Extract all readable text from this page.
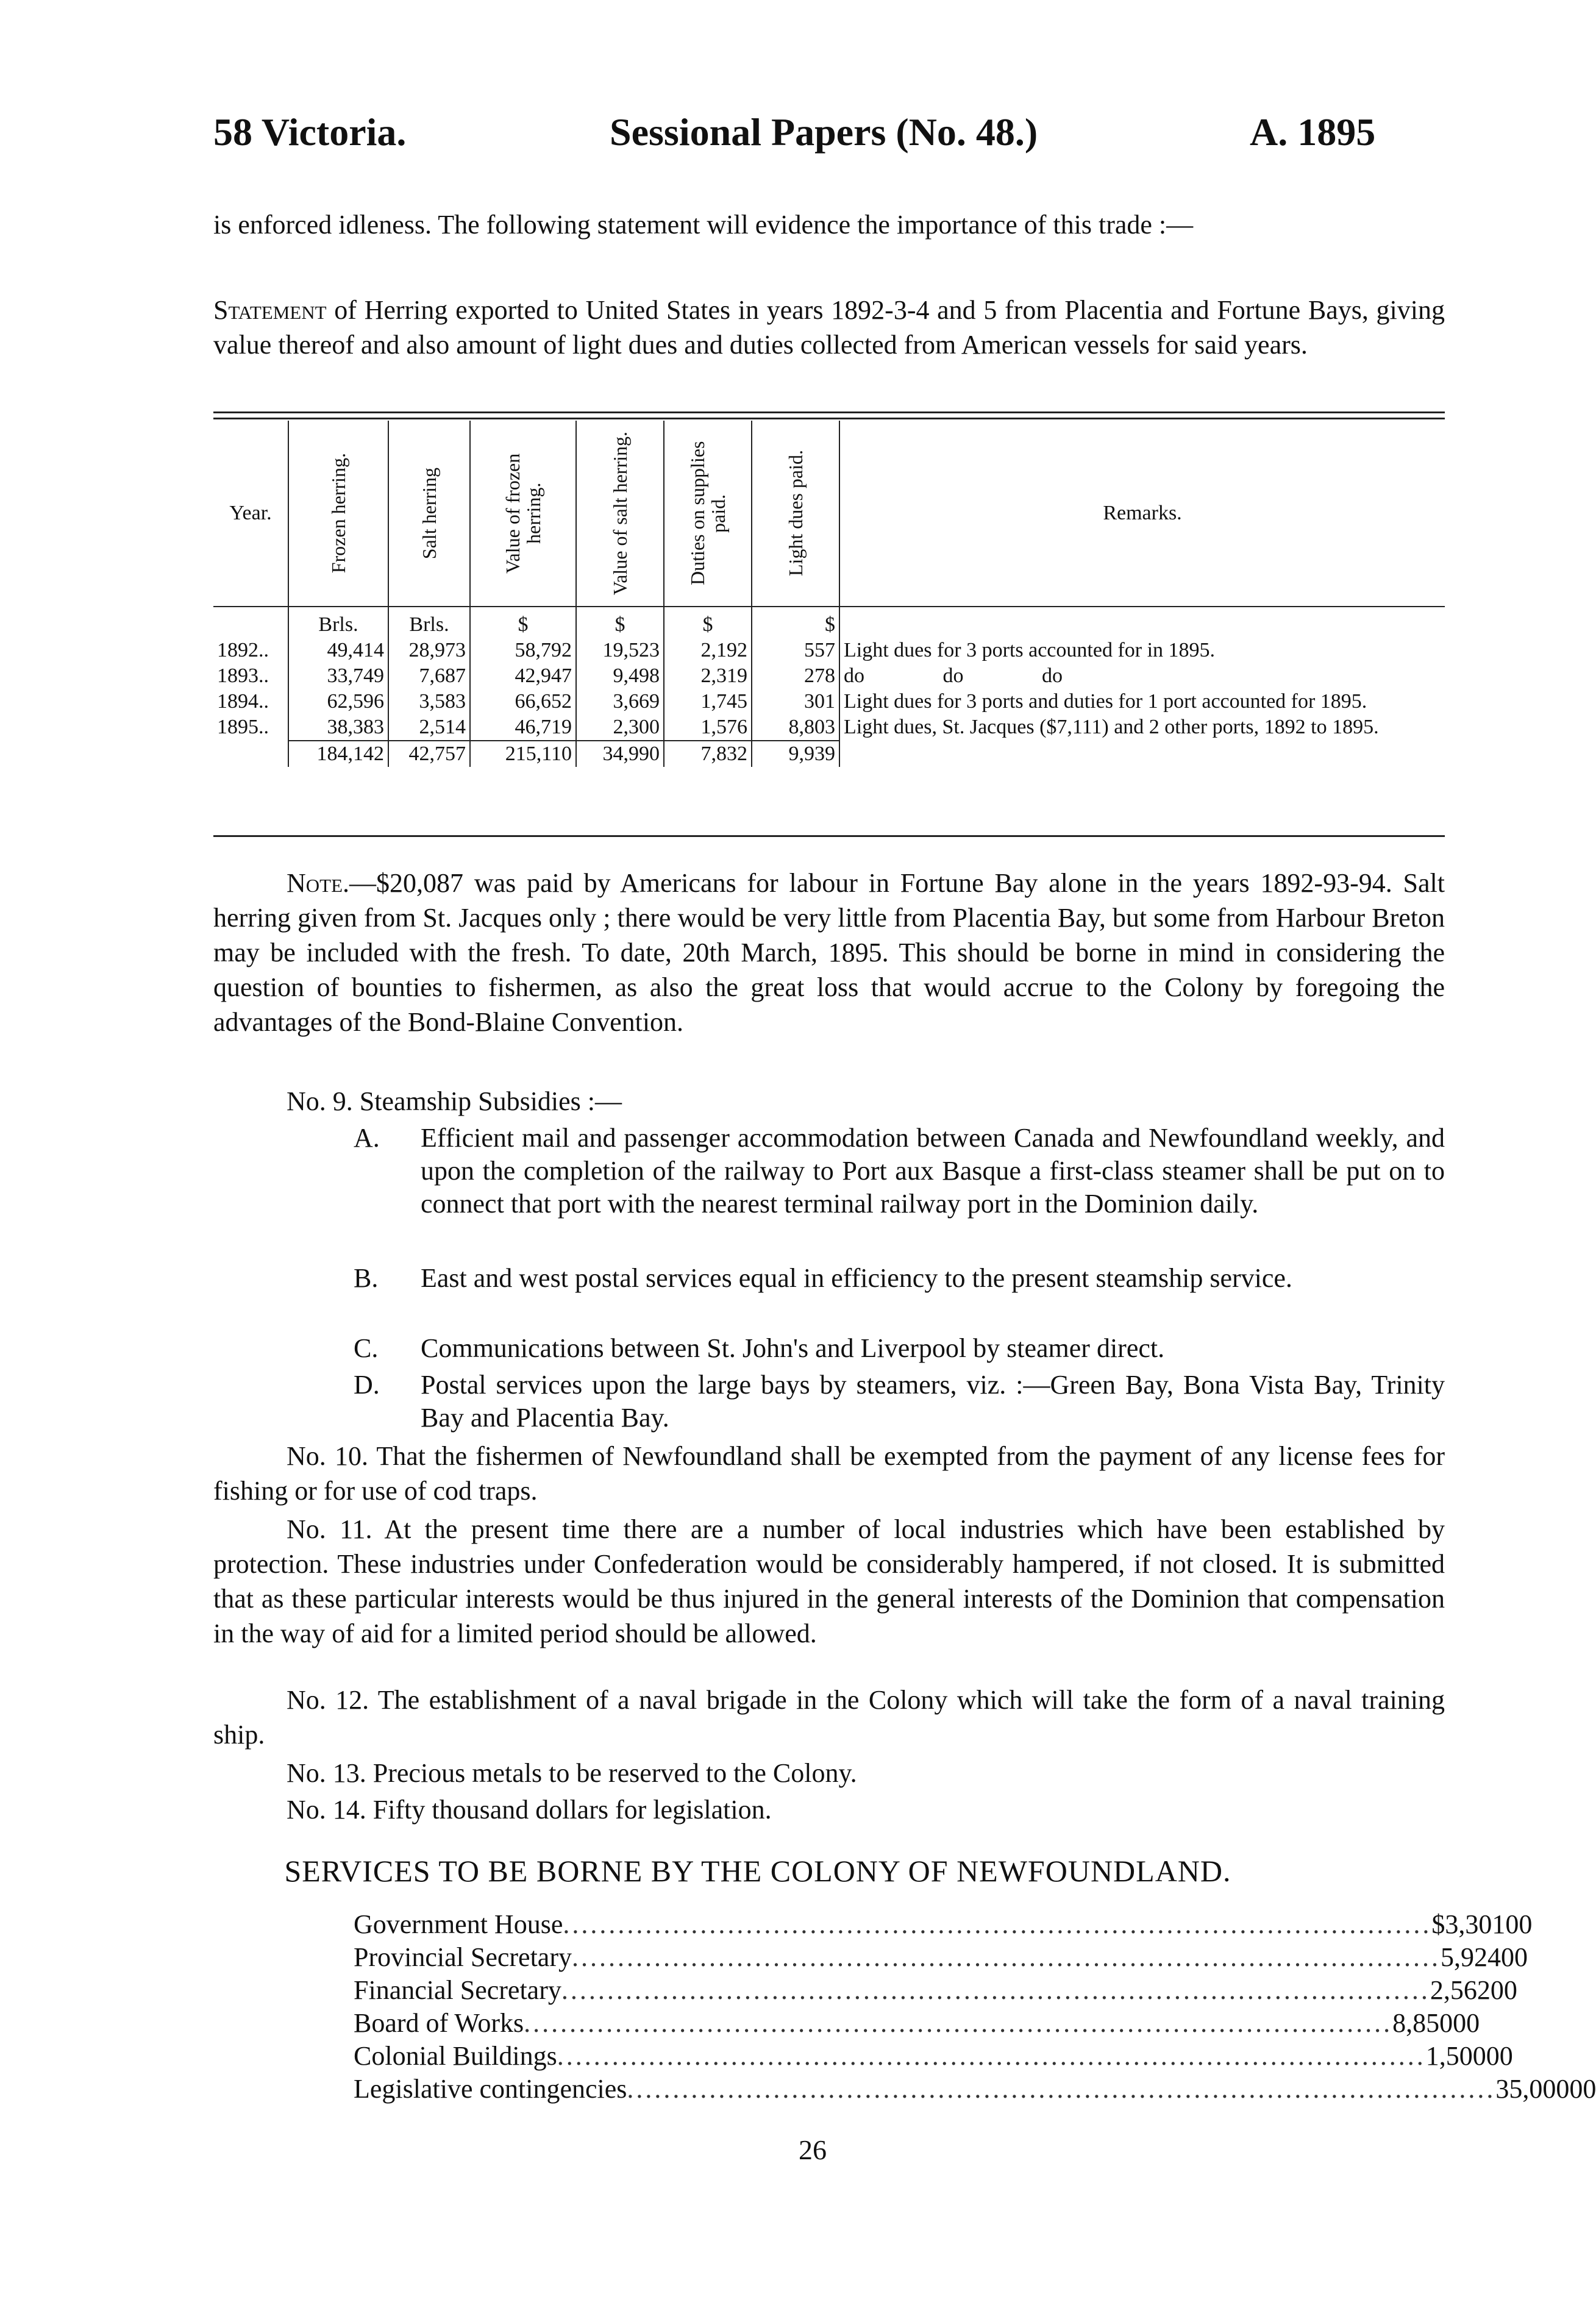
58 Victoria.	Sessional Papers (No. 48.)	A. 1895
is enforced idleness. The following statement will evidence the importance of this trade :—
Statement of Herring exported to United States in years 1892-3-4 and 5 from Placentia and Fortune Bays, giving value thereof and also amount of light dues and duties collected from American vessels for said years.
Year.	Frozen herring.	Salt herring	Value of frozen herring.	Value of salt herring.	Duties on supplies paid.	Light dues paid.	Remarks.
	Brls.	Brls.	$	$	$	$	
1892..	49,414	28,973	58,792	19,523	2,192	557	Light dues for 3 ports accounted for in 1895.
1893..	33,749	7,687	42,947	9,498	2,319	278	do do do
1894..	62,596	3,583	66,652	3,669	1,745	301	Light dues for 3 ports and duties for 1 port accounted for 1895.
1895..	38,383	2,514	46,719	2,300	1,576	8,803	Light dues, St. Jacques ($7,111) and 2 other ports, 1892 to 1895.
	184,142	42,757	215,110	34,990	7,832	9,939	
Note.—$20,087 was paid by Americans for labour in Fortune Bay alone in the years 1892-93-94. Salt herring given from St. Jacques only ; there would be very little from Placentia Bay, but some from Harbour Breton may be included with the fresh. To date, 20th March, 1895. This should be borne in mind in considering the question of bounties to fishermen, as also the great loss that would accrue to the Colony by foregoing the advantages of the Bond-Blaine Convention.
No. 9. Steamship Subsidies :—
A. Efficient mail and passenger accommodation between Canada and Newfoundland weekly, and upon the completion of the railway to Port aux Basque a first-class steamer shall be put on to connect that port with the nearest terminal railway port in the Dominion daily.
B. East and west postal services equal in efficiency to the present steamship service.
C. Communications between St. John's and Liverpool by steamer direct.
D. Postal services upon the large bays by steamers, viz. :—Green Bay, Bona Vista Bay, Trinity Bay and Placentia Bay.
No. 10. That the fishermen of Newfoundland shall be exempted from the payment of any license fees for fishing or for use of cod traps.
No. 11. At the present time there are a number of local industries which have been established by protection. These industries under Confederation would be considerably hampered, if not closed. It is submitted that as these particular interests would be thus injured in the general interests of the Dominion that compensation in the way of aid for a limited period should be allowed.
No. 12. The establishment of a naval brigade in the Colony which will take the form of a naval training ship.
No. 13. Precious metals to be reserved to the Colony.
No. 14. Fifty thousand dollars for legislation.
SERVICES TO BE BORNE BY THE COLONY OF NEWFOUNDLAND.
Government House ............................................................................................... $ 3,301 00
Provincial Secretary ............................................................................................... 5,924 00
Financial Secretary ............................................................................................... 2,562 00
Board of Works ............................................................................................... 8,850 00
Colonial Buildings ............................................................................................... 1,500 00
Legislative contingencies ............................................................................................... 35,000 00
26
